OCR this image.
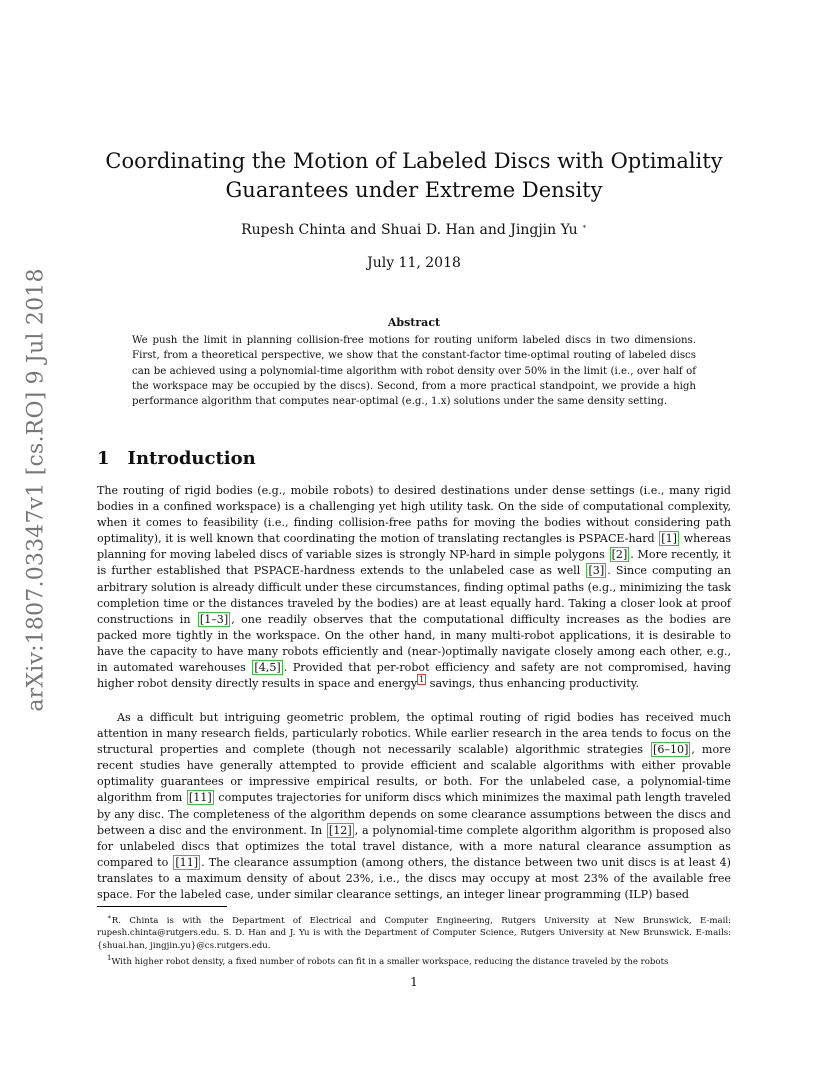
arXiv:1807.03347v1 [cs.RO] 9 Jul 2018
Coordinating the Motion of Labeled Discs with Optimality
Guarantees under Extreme Density
Rupesh Chinta and Shuai D. Han and Jingjin Yu ∗
July 11, 2018
Abstract
We push the limit in planning collision-free motions for routing uniform labeled discs in two dimensions. First, from a theoretical perspective, we show that the constant-factor time-optimal routing of labeled discs can be achieved using a polynomial-time algorithm with robot density over 50% in the limit (i.e., over half of the workspace may be occupied by the discs). Second, from a more practical standpoint, we provide a high performance algorithm that computes near-optimal (e.g., 1.x) solutions under the same density setting.
1 Introduction
The routing of rigid bodies (e.g., mobile robots) to desired destinations under dense settings (i.e., many rigid bodies in a confined workspace) is a challenging yet high utility task. On the side of computational complexity, when it comes to feasibility (i.e., finding collision-free paths for moving the bodies without considering path optimality), it is well known that coordinating the motion of translating rectangles is PSPACE-hard [1] whereas planning for moving labeled discs of variable sizes is strongly NP-hard in simple polygons [2] . More recently, it is further established that PSPACE-hardness extends to the unlabeled case as well [3] . Since computing an arbitrary solution is already difficult under these circumstances, finding optimal paths (e.g., minimizing the task completion time or the distances traveled by the bodies) are at least equally hard. Taking a closer look at proof constructions in [1–3] , one readily observes that the computational difficulty increases as the bodies are packed more tightly in the workspace. On the other hand, in many multi-robot applications, it is desirable to have the capacity to have many robots efficiently and (near-)optimally navigate closely among each other, e.g., in automated warehouses [4,5] . Provided that per-robot efficiency and safety are not compromised, having higher robot density directly results in space and energy $^1$ savings, thus enhancing productivity.
As a difficult but intriguing geometric problem, the optimal routing of rigid bodies has received much attention in many research fields, particularly robotics. While earlier research in the area tends to focus on the structural properties and complete (though not necessarily scalable) algorithmic strategies [6–10] , more recent studies have generally attempted to provide efficient and scalable algorithms with either provable optimality guarantees or impressive empirical results, or both. For the unlabeled case, a polynomial-time algorithm from [11] computes trajectories for uniform discs which minimizes the maximal path length traveled by any disc. The completeness of the algorithm depends on some clearance assumptions between the discs and between a disc and the environment. In [12] , a polynomial-time complete algorithm algorithm is proposed also for unlabeled discs that optimizes the total travel distance, with a more natural clearance assumption as compared to [11] . The clearance assumption (among others, the distance between two unit discs is at least 4) translates to a maximum density of about 23%, i.e., the discs may occupy at most 23% of the available free space. For the labeled case, under similar clearance settings, an integer linear programming (ILP) based

∗R. Chinta is with the Department of Electrical and Computer Engineering, Rutgers University at New Brunswick, E-mail: rupesh.chinta@rutgers.edu. S. D. Han and J. Yu is with the Department of Computer Science, Rutgers University at New Brunswick. E-mails: {shuai.han, jingjin.yu}@cs.rutgers.edu.

$^1$With higher robot density, a fixed number of robots can fit in a smaller workspace, reducing the distance traveled by the robots

1
